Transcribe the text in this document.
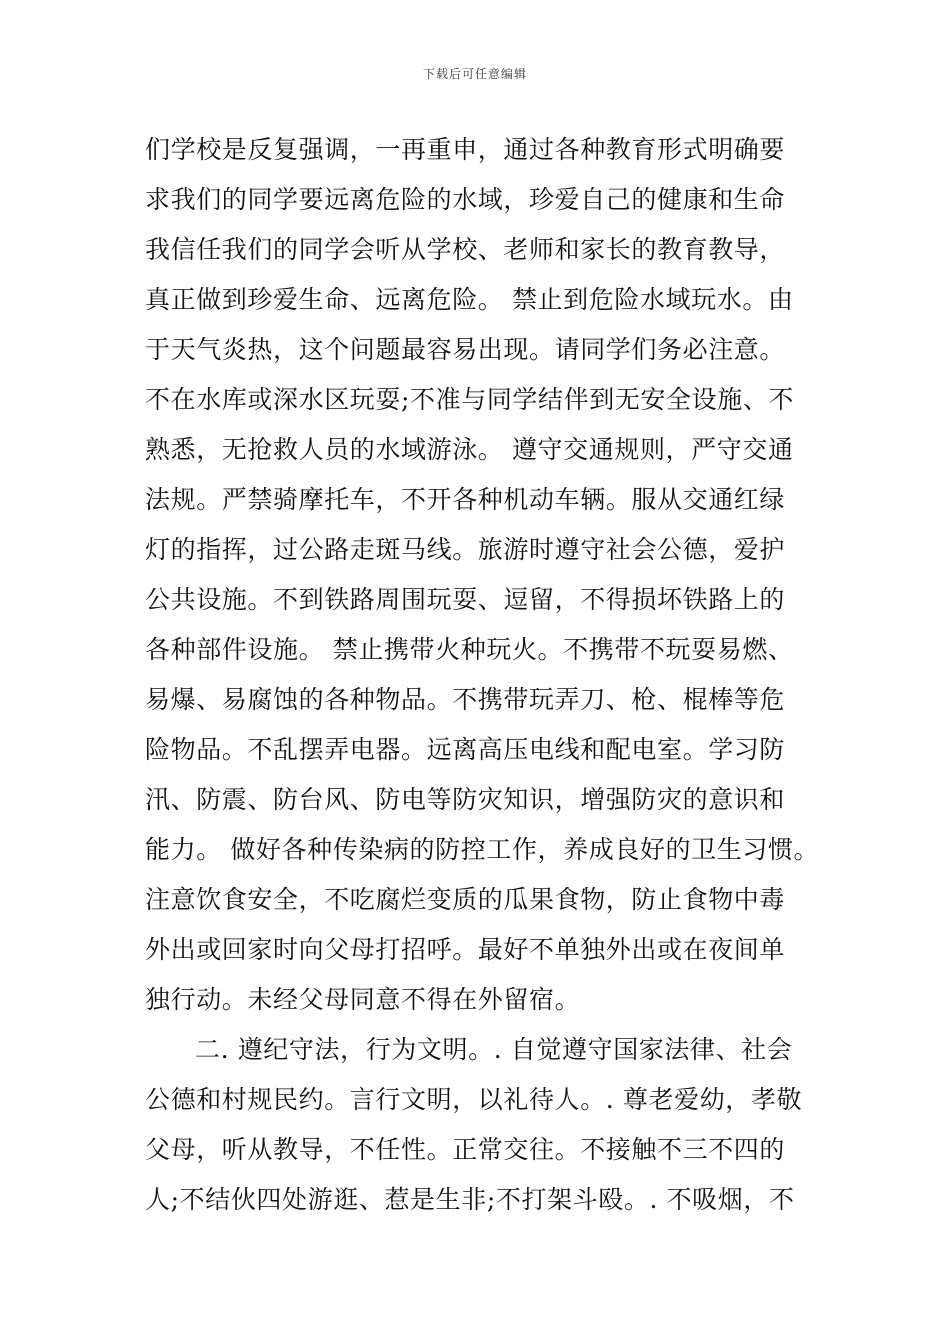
下载后可任意编辑
们学校是反复强调，一再重申，通过各种教育形式明确要
求我们的同学要远离危险的水域，珍爱自己的健康和生命
我信任我们的同学会听从学校、老师和家长的教育教导，
真正做到珍爱生命、远离危险。 禁止到危险水域玩水。由
于天气炎热，这个问题最容易出现。请同学们务必注意。
不在水库或深水区玩耍;不准与同学结伴到无安全设施、不
熟悉，无抢救人员的水域游泳。 遵守交通规则，严守交通
法规。严禁骑摩托车，不开各种机动车辆。服从交通红绿
灯的指挥，过公路走斑马线。旅游时遵守社会公德，爱护
公共设施。不到铁路周围玩耍、逗留，不得损坏铁路上的
各种部件设施。 禁止携带火种玩火。不携带不玩耍易燃、
易爆、易腐蚀的各种物品。不携带玩弄刀、枪、棍棒等危
险物品。不乱摆弄电器。远离高压电线和配电室。学习防
汛、防震、防台风、防电等防灾知识，增强防灾的意识和
能力。 做好各种传染病的防控工作，养成良好的卫生习惯。
注意饮食安全，不吃腐烂变质的瓜果食物，防止食物中毒
外出或回家时向父母打招呼。最好不单独外出或在夜间单
独行动。未经父母同意不得在外留宿。
二. 遵纪守法，行为文明。. 自觉遵守国家法律、社会
公德和村规民约。言行文明，以礼待人。. 尊老爱幼，孝敬
父母，听从教导，不任性。正常交往。不接触不三不四的
人;不结伙四处游逛、惹是生非;不打架斗殴。. 不吸烟，不
